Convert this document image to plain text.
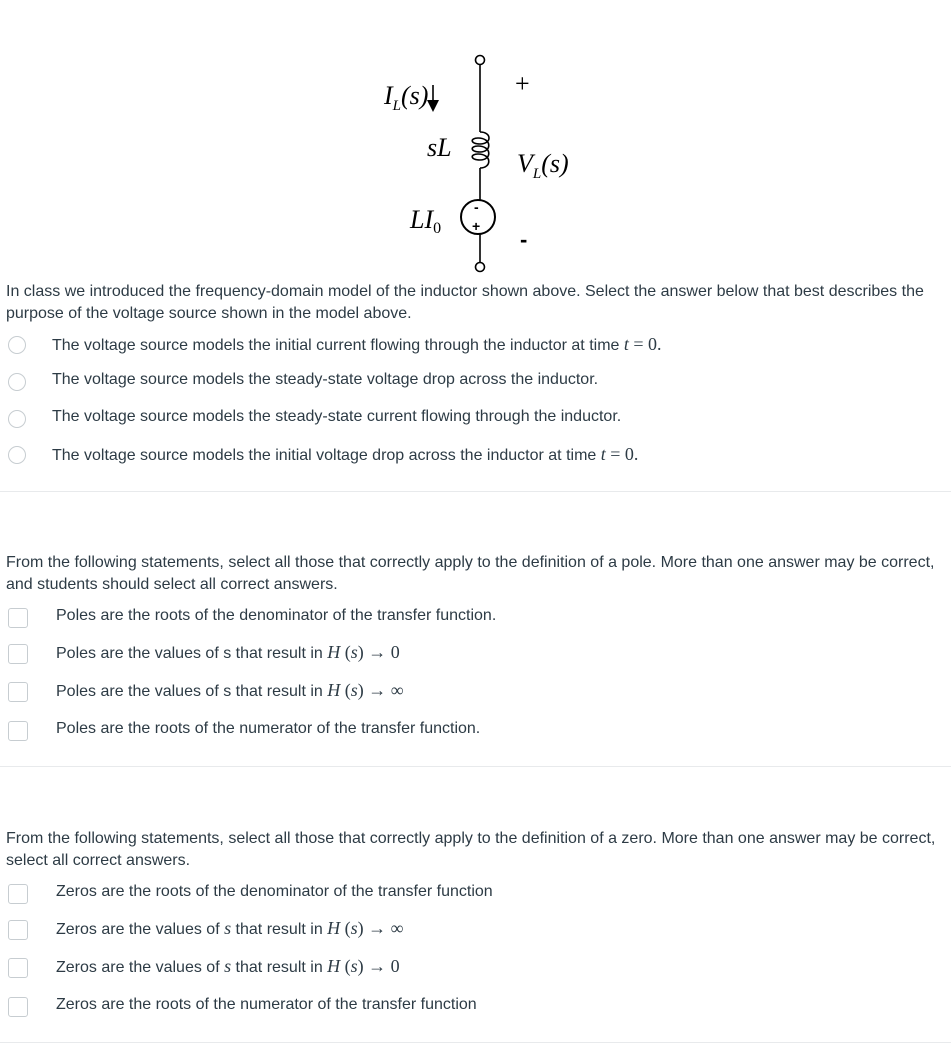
-
+
$I_L(s)$
sL
LI0
+
$V_L(s)$
-

In class we introduced the frequency-domain model of the inductor shown above. Select the answer below that best describes the purpose of the voltage source shown in the model above.

The voltage source models the initial current flowing through the inductor at time t = 0.
The voltage source models the steady-state voltage drop across the inductor.
The voltage source models the steady-state current flowing through the inductor.
The voltage source models the initial voltage drop across the inductor at time t = 0.

From the following statements, select all those that correctly apply to the definition of a pole. More than one answer may be correct, and students should select all correct answers.

Poles are the roots of the denominator of the transfer function.
Poles are the values of s that result in H (s) → 0
Poles are the values of s that result in H (s) → ∞
Poles are the roots of the numerator of the transfer function.

From the following statements, select all those that correctly apply to the definition of a zero. More than one answer may be correct, select all correct answers.

Zeros are the roots of the denominator of the transfer function
Zeros are the values of s that result in H (s) → ∞
Zeros are the values of s that result in H (s) → 0
Zeros are the roots of the numerator of the transfer function
